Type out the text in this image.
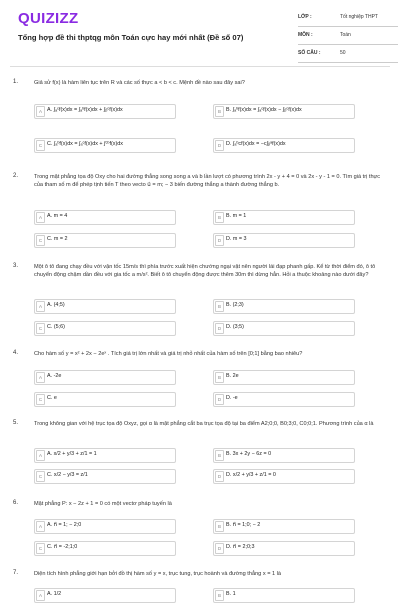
QUIZIZZ
Tổng hợp đề thi thptqg môn Toán cực hay mới nhất (Đề số 07)
LỚP :	Tốt nghiệp THPT
MÔN :	Toán
SỐ CÂU :	50
1.	Giả sử f(x) là hàm liên tục trên R và các số thực a < b < c. Mệnh đề nào sau đây sai?
A A. ∫ₐᶜf(x)dx = ∫ₐᵇf(x)dx + ∫ᵦᶜf(x)dx	B B. ∫ₐᵇf(x)dx = ∫ₐᶜf(x)dx − ∫ᵦᶜf(x)dx
C C. ∫ₐᵇf(x)dx = ∫ₐᶜf(x)dx + ∫ᶜᵇf(x)dx	D D. ∫ₐᵇcf(x)dx = −c∫ᵦᵃf(x)dx
2.	Trong mặt phẳng tọa độ Oxy cho hai đường thẳng song song a và b lần lượt có phương trình 2x - y + 4 = 0 và 2x - y - 1 = 0. Tìm giá trị thực của tham số m để phép tịnh tiến T theo vecto u⃗ = m; − 3 biến đường thẳng a thành đường thẳng b.
A A. m = 4	B B. m = 1
C C. m = 2	D D. m = 3
3.	Một ô tô đang chạy đều với vận tốc 15m/s thì phía trước xuất hiện chướng ngại vật nên người lái đạp phanh gấp. Kể từ thời điểm đó, ô tô chuyển động chậm dần đều với gia tốc a m/s². Biết ô tô chuyển động được thêm 30m thì dừng hẳn. Hỏi a thuộc khoảng nào dưới đây?
A A. (4;5)	B B. (2;3)
C C. (5;6)	D D. (3;5)
4.	Cho hàm số y = x² + 2x − 2eˣ . Tích giá trị lớn nhất và giá trị nhỏ nhất của hàm số trên [0;1] bằng bao nhiêu?
A A. -2e	B B. 2e
C C. e	D D. -e
5.	Trong không gian với hệ trục tọa độ Oxyz, gọi α là mặt phẳng cắt ba trục tọa độ tại ba điểm A2;0;0, B0;3;0, C0;0;1. Phương trình của α là
A A. x/2 + y/3 + z/1 = 1	B B. 3x + 2y − 6z = 0
C C. x/2 − y/3 = z/1	D D. x/2 + y/3 + z/1 = 0
6.	Mặt phẳng P: x − 2z + 1 = 0 có một vectơ pháp tuyến là
A A. n⃗ = 1; − 2;0	B B. n⃗ = 1;0; − 2
C C. n⃗ = -2;1;0	D D. n⃗ = 2;0;3
7.	Diện tích hình phẳng giới hạn bởi đồ thị hàm số y = x, trục tung, trục hoành và đường thẳng x = 1 là
A A. 1/2	B B. 1
